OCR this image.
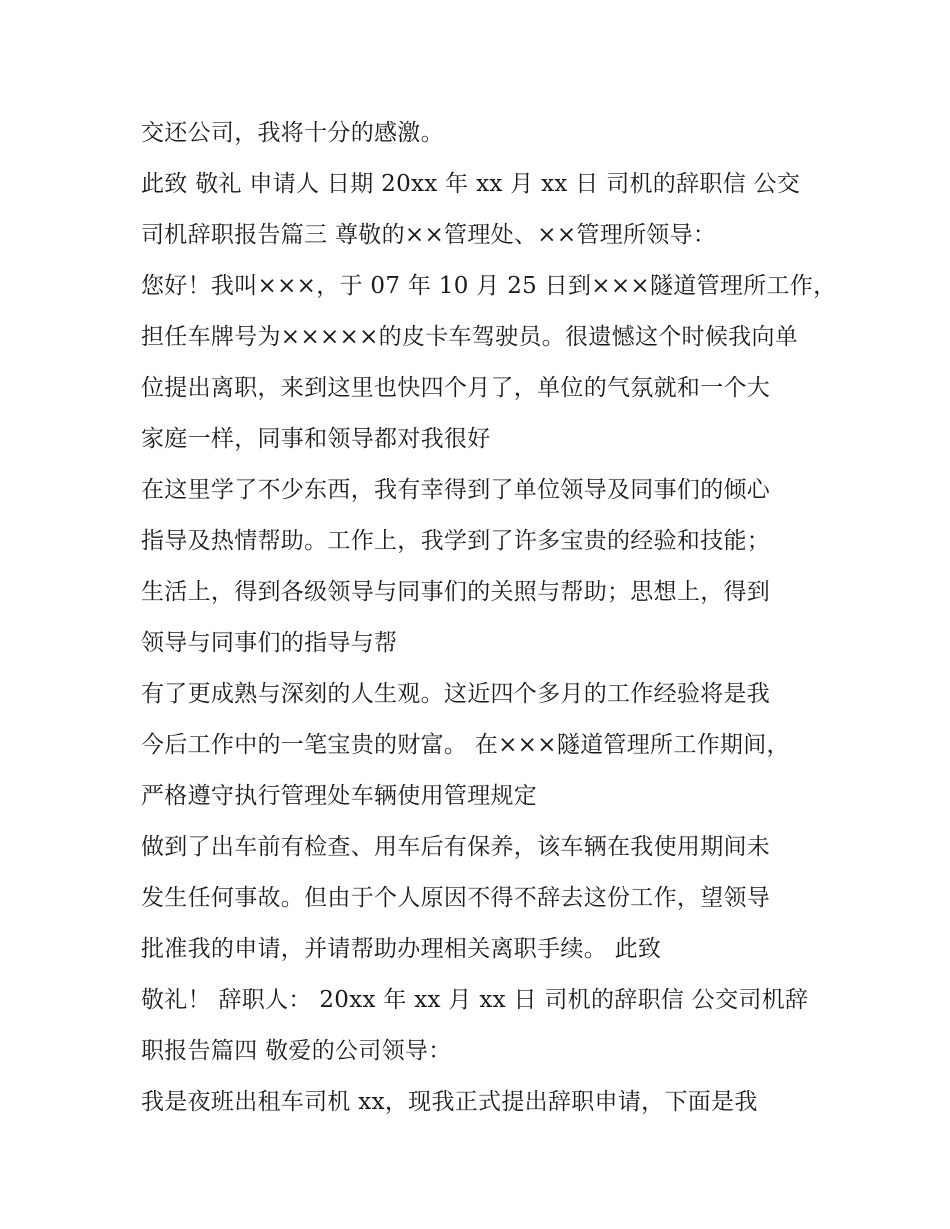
交还公司，我将十分的感激。
此致 敬礼 申请人 日期 20xx 年 xx 月 xx 日 司机的辞职信 公交
司机辞职报告篇三 尊敬的××管理处、××管理所领导：
您好！我叫×××，于 07 年 10 月 25 日到×××隧道管理所工作，
担任车牌号为×××××的皮卡车驾驶员。很遗憾这个时候我向单
位提出离职，来到这里也快四个月了，单位的气氛就和一个大
家庭一样，同事和领导都对我很好
在这里学了不少东西，我有幸得到了单位领导及同事们的倾心
指导及热情帮助。工作上，我学到了许多宝贵的经验和技能；
生活上，得到各级领导与同事们的关照与帮助；思想上，得到
领导与同事们的指导与帮
有了更成熟与深刻的人生观。这近四个多月的工作经验将是我
今后工作中的一笔宝贵的财富。 在×××隧道管理所工作期间，
严格遵守执行管理处车辆使用管理规定
做到了出车前有检查、用车后有保养，该车辆在我使用期间未
发生任何事故。但由于个人原因不得不辞去这份工作，望领导
批准我的申请，并请帮助办理相关离职手续。 此致
敬礼！ 辞职人： 20xx 年 xx 月 xx 日 司机的辞职信 公交司机辞
职报告篇四 敬爱的公司领导：
我是夜班出租车司机 xx，现我正式提出辞职申请，下面是我
